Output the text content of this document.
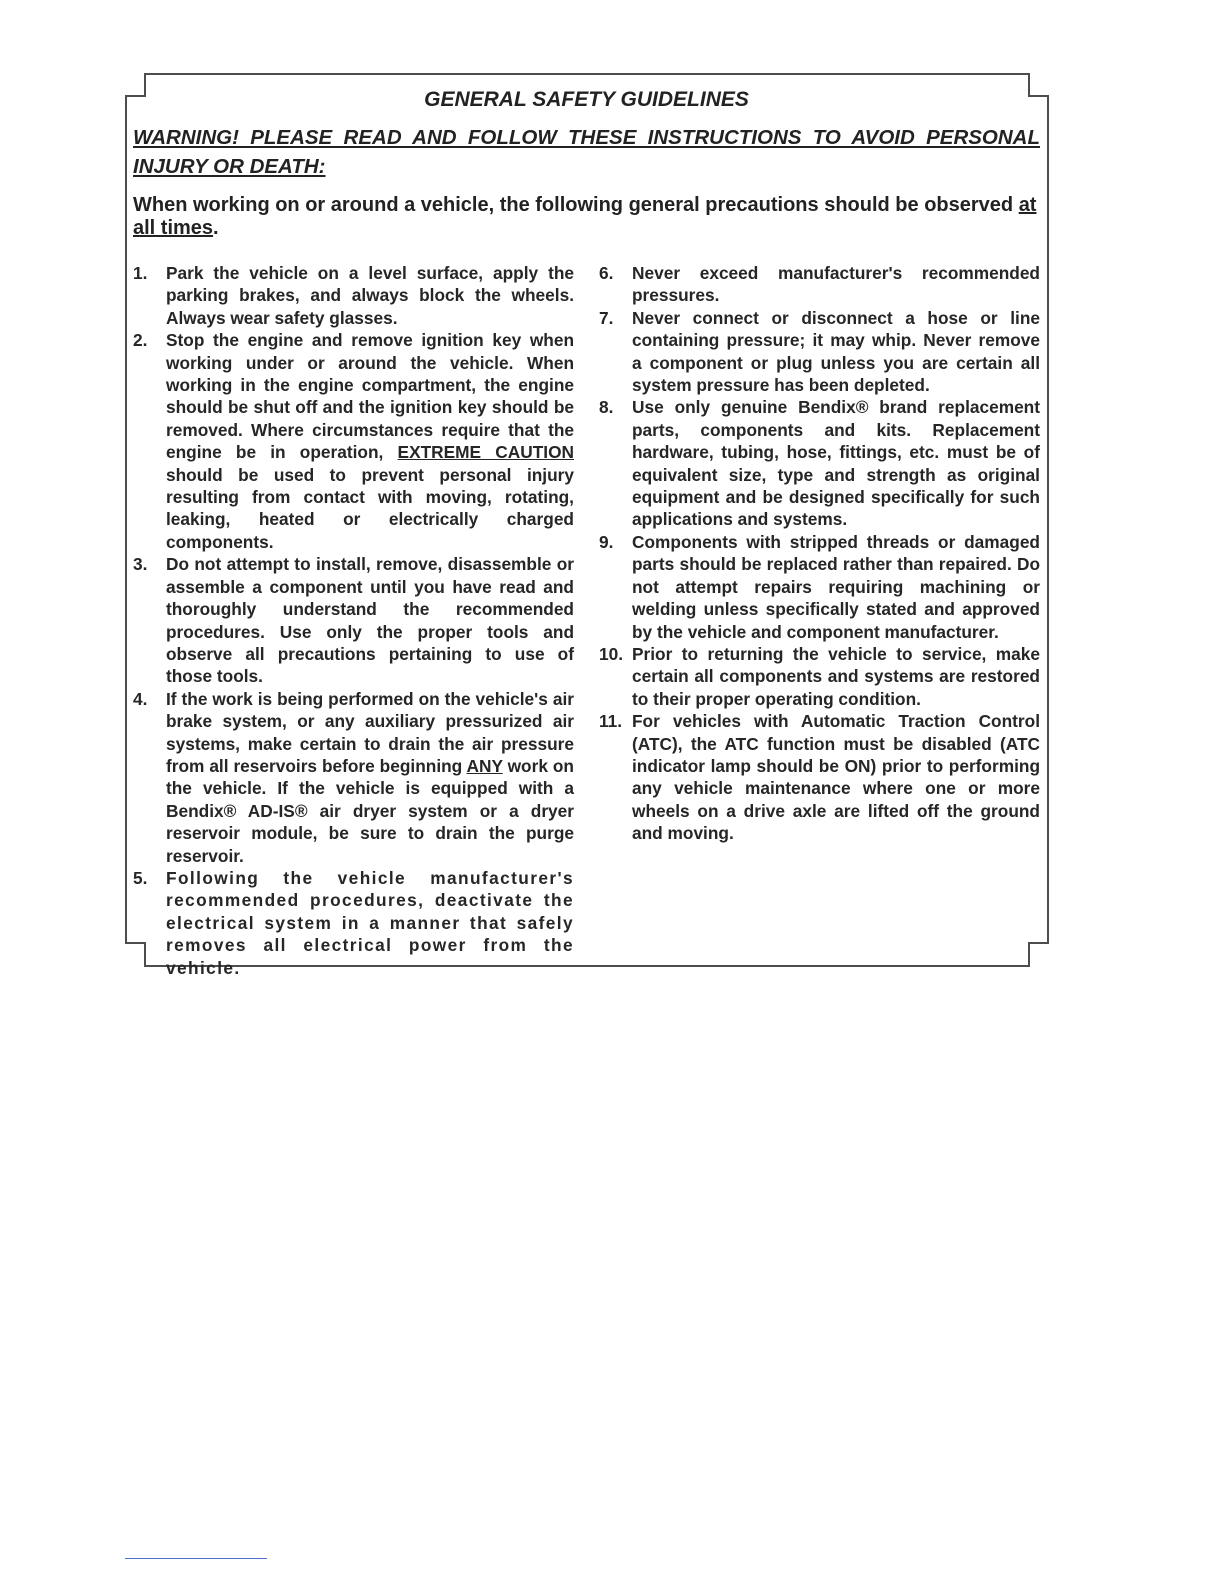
GENERAL SAFETY GUIDELINES

WARNING! PLEASE READ AND FOLLOW THESE INSTRUCTIONS TO AVOID PERSONAL INJURY OR DEATH:

When working on or around a vehicle, the following general precautions should be observed at all times.

1.	Park the vehicle on a level surface, apply the parking brakes, and always block the wheels. Always wear safety glasses.
2.	Stop the engine and remove ignition key when working under or around the vehicle. When working in the engine compartment, the engine should be shut off and the ignition key should be removed. Where circumstances require that the engine be in operation, EXTREME CAUTION should be used to prevent personal injury resulting from contact with moving, rotating, leaking, heated or electrically charged components.
3.	Do not attempt to install, remove, disassemble or assemble a component until you have read and thoroughly understand the recommended procedures. Use only the proper tools and observe all precautions pertaining to use of those tools.
4.	If the work is being performed on the vehicle's air brake system, or any auxiliary pressurized air systems, make certain to drain the air pressure from all reservoirs before beginning ANY work on the vehicle. If the vehicle is equipped with a Bendix® AD-IS® air dryer system or a dryer reservoir module, be sure to drain the purge reservoir.
5.	Following the vehicle manufacturer's recommended procedures, deactivate the electrical system in a manner that safely removes all electrical power from the vehicle.
6.	Never exceed manufacturer's recommended pressures.
7.	Never connect or disconnect a hose or line containing pressure; it may whip. Never remove a component or plug unless you are certain all system pressure has been depleted.
8.	Use only genuine Bendix® brand replacement parts, components and kits. Replacement hardware, tubing, hose, fittings, etc. must be of equivalent size, type and strength as original equipment and be designed specifically for such applications and systems.
9.	Components with stripped threads or damaged parts should be replaced rather than repaired. Do not attempt repairs requiring machining or welding unless specifically stated and approved by the vehicle and component manufacturer.
10. Prior to returning the vehicle to service, make certain all components and systems are restored to their proper operating condition.
11. For vehicles with Automatic Traction Control (ATC), the ATC function must be disabled (ATC indicator lamp should be ON) prior to performing any vehicle maintenance where one or more wheels on a drive axle are lifted off the ground and moving.
